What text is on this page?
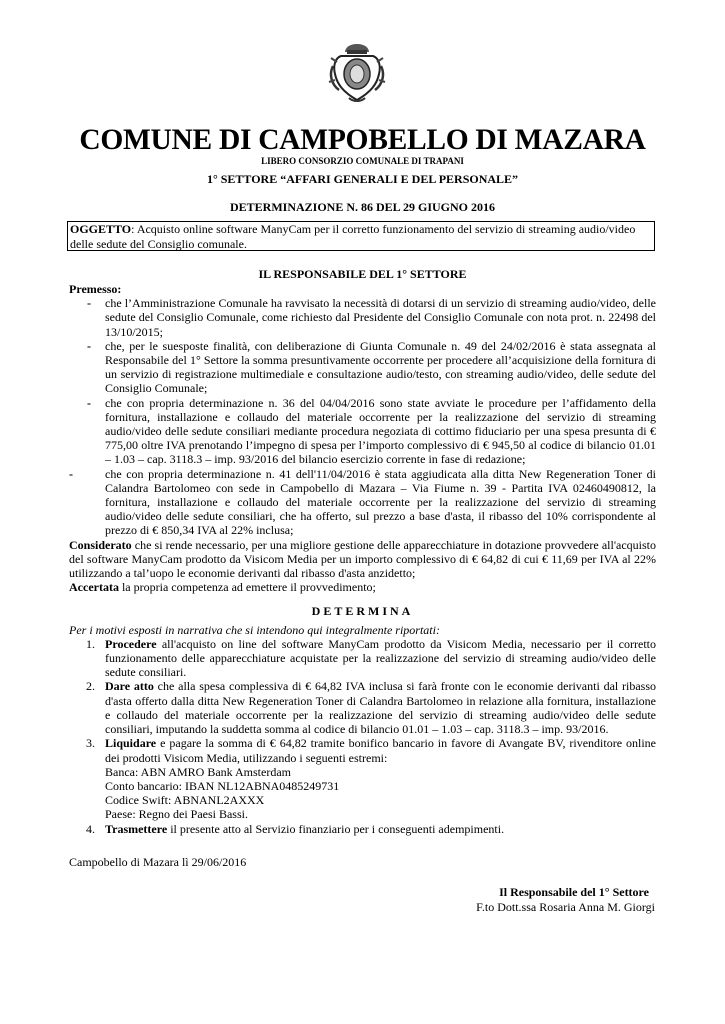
COMUNE DI CAMPOBELLO DI MAZARA
LIBERO CONSORZIO COMUNALE DI TRAPANI
1° SETTORE “AFFARI GENERALI E DEL PERSONALE”
DETERMINAZIONE N. 86 DEL 29 GIUGNO 2016
OGGETTO: Acquisto online software ManyCam per il corretto funzionamento del servizio di streaming audio/video delle sedute del Consiglio comunale.
IL RESPONSABILE DEL 1° SETTORE

Premesso:

-	che l’Amministrazione Comunale ha ravvisato la necessità di dotarsi di un servizio di streaming audio/video, delle sedute del Consiglio Comunale, come richiesto dal Presidente del Consiglio Comunale con nota prot. n. 22498 del 13/10/2015;
-	che, per le suesposte finalità, con deliberazione di Giunta Comunale n. 49 del 24/02/2016 è stata assegnata al Responsabile del 1° Settore la somma presuntivamente occorrente per procedere all’acquisizione della fornitura di un servizio di registrazione multimediale e consultazione audio/testo, con streaming audio/video, delle sedute del Consiglio Comunale;
-	che con propria determinazione n. 36 del 04/04/2016 sono state avviate le procedure per l’affidamento della fornitura, installazione e collaudo del materiale occorrente per la realizzazione del servizio di streaming audio/video delle sedute consiliari mediante procedura negoziata di cottimo fiduciario per una spesa presunta di € 775,00 oltre IVA prenotando l’impegno di spesa per l’importo complessivo di € 945,50 al codice di bilancio 01.01 – 1.03 – cap. 3118.3 – imp. 93/2016 del bilancio esercizio corrente in fase di redazione;
-	che con propria determinazione n. 41 dell'11/04/2016 è stata aggiudicata alla ditta New Regeneration Toner di Calandra Bartolomeo con sede in Campobello di Mazara – Via Fiume n. 39 - Partita IVA 02460490812, la fornitura, installazione e collaudo del materiale occorrente per la realizzazione del servizio di streaming audio/video delle sedute consiliari, che ha offerto, sul prezzo a base d'asta, il ribasso del 10% corrispondente al prezzo di € 850,34 IVA al 22% inclusa;

Considerato che si rende necessario, per una migliore gestione delle apparecchiature in dotazione provvedere all'acquisto del software ManyCam prodotto da Visicom Media per un importo complessivo di € 64,82 di cui € 11,69 per IVA al 22% utilizzando a tal’uopo le economie derivanti dal ribasso d'asta anzidetto;

Accertata la propria competenza ad emettere il provvedimento;

DETERMINA

Per i motivi esposti in narrativa che si intendono qui integralmente riportati:

1. Procedere all'acquisto on line del software ManyCam prodotto da Visicom Media, necessario per il corretto funzionamento delle apparecchiature acquistate per la realizzazione del servizio di streaming audio/video delle sedute consiliari.
2. Dare atto che alla spesa complessiva di € 64,82 IVA inclusa si farà fronte con le economie derivanti dal ribasso d'asta offerto dalla ditta New Regeneration Toner di Calandra Bartolomeo in relazione alla fornitura, installazione e collaudo del materiale occorrente per la realizzazione del servizio di streaming audio/video delle sedute consiliari, imputando la suddetta somma al codice di bilancio 01.01 – 1.03 – cap. 3118.3 – imp. 93/2016.
3. Liquidare e pagare la somma di € 64,82 tramite bonifico bancario in favore di Avangate BV, rivenditore online dei prodotti Visicom Media, utilizzando i seguenti estremi:
Banca: ABN AMRO Bank Amsterdam
Conto bancario: IBAN NL12ABNA0485249731
Codice Swift: ABNANL2AXXX
Paese: Regno dei Paesi Bassi.
4. Trasmettere il presente atto al Servizio finanziario per i conseguenti adempimenti.
Campobello di Mazara lì 29/06/2016
Il Responsabile del 1° Settore
F.to Dott.ssa Rosaria Anna M. Giorgi
